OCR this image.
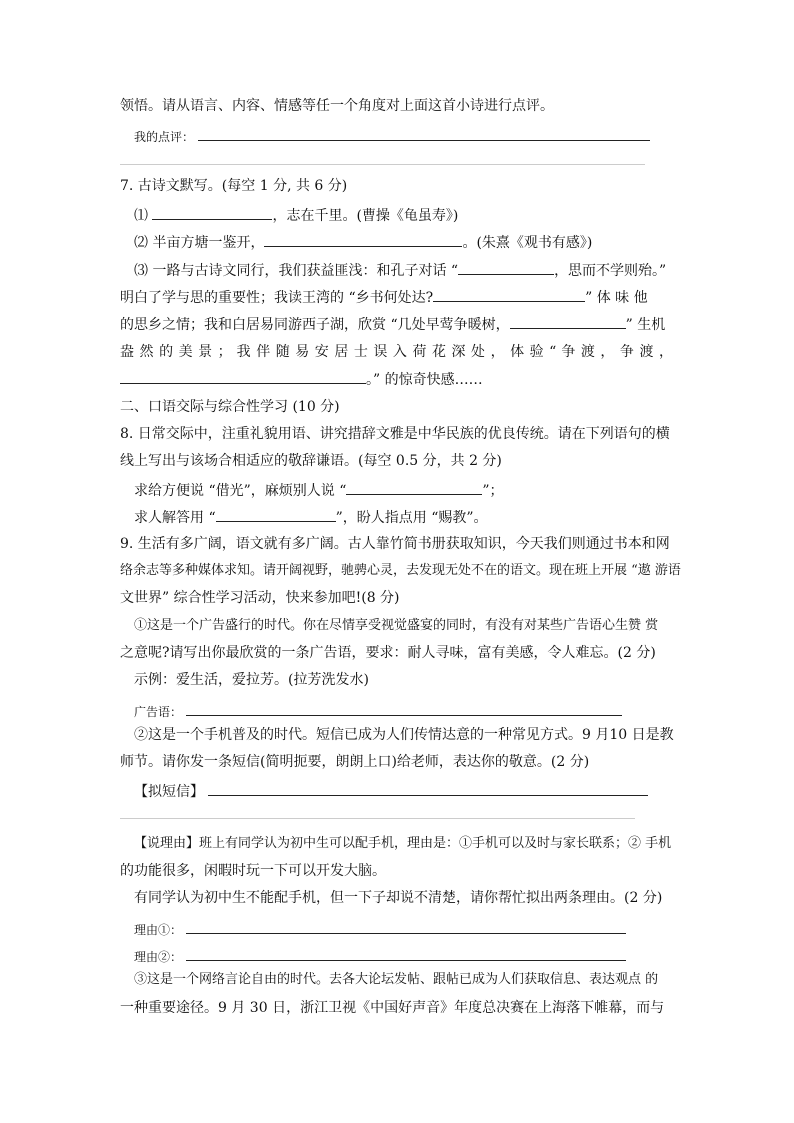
领悟。请从语言、内容、情感等任一个角度对上面这首小诗进行点评。
我的点评：
7. 古诗文默写。(每空 1 分, 共 6 分)
⑴	，志在千里。(曹操《龟虽寿》)
⑵ 半亩方塘一鉴开，	。(朱熹《观书有感》)
⑶ 一路与古诗文同行，我们获益匪浅：和孔子对话 “	，思而不学则殆。”
明白了学与思的重要性；我读王湾的 “乡书何处达?	” 体 味 他
的思乡之情；我和白居易同游西子湖，欣赏 “几处早莺争暖树，	” 生机
盎 然 的 美 景 ； 我 伴 随 易 安 居 士 误 入 荷 花 深 处 ， 体 验 “ 争 渡 ， 争 渡 ，
。” 的惊奇快感……
二、口语交际与综合性学习 (10 分)
8. 日常交际中，注重礼貌用语、讲究措辞文雅是中华民族的优良传统。请在下列语句的横
线上写出与该场合相适应的敬辞谦语。(每空 0.5 分，共 2 分)
求给方便说 “借光”，麻烦别人说 “	”；
求人解答用 “	”，盼人指点用 “赐教”。
9. 生活有多广阔，语文就有多广阔。古人靠竹简书册获取知识，今天我们则通过书本和网
络余志等多种媒体求知。请开阔视野，驰骋心灵，去发现无处不在的语文。现在班上开展 “遨 游语
文世界” 综合性学习活动，快来参加吧!(8 分)
①这是一个广告盛行的时代。你在尽情享受视觉盛宴的同时，有没有对某些广告语心生赞 赏
之意呢?请写出你最欣赏的一条广告语，要求：耐人寻味，富有美感，令人难忘。(2 分)
示例：爱生活，爱拉芳。(拉芳洗发水)
广告语：
②这是一个手机普及的时代。短信已成为人们传情达意的一种常见方式。9 月10 日是教
师节。请你发一条短信(简明扼要，朗朗上口)给老师，表达你的敬意。(2 分)
【拟短信】
【说理由】班上有同学认为初中生可以配手机，理由是：①手机可以及时与家长联系；② 手机
的功能很多，闲暇时玩一下可以开发大脑。
有同学认为初中生不能配手机，但一下子却说不清楚，请你帮忙拟出两条理由。(2 分)
理由①：
理由②：
③这是一个网络言论自由的时代。去各大论坛发帖、跟帖已成为人们获取信息、表达观点 的
一种重要途径。9 月 30 日，浙江卫视《中国好声音》年度总决赛在上海落下帷幕，而与
